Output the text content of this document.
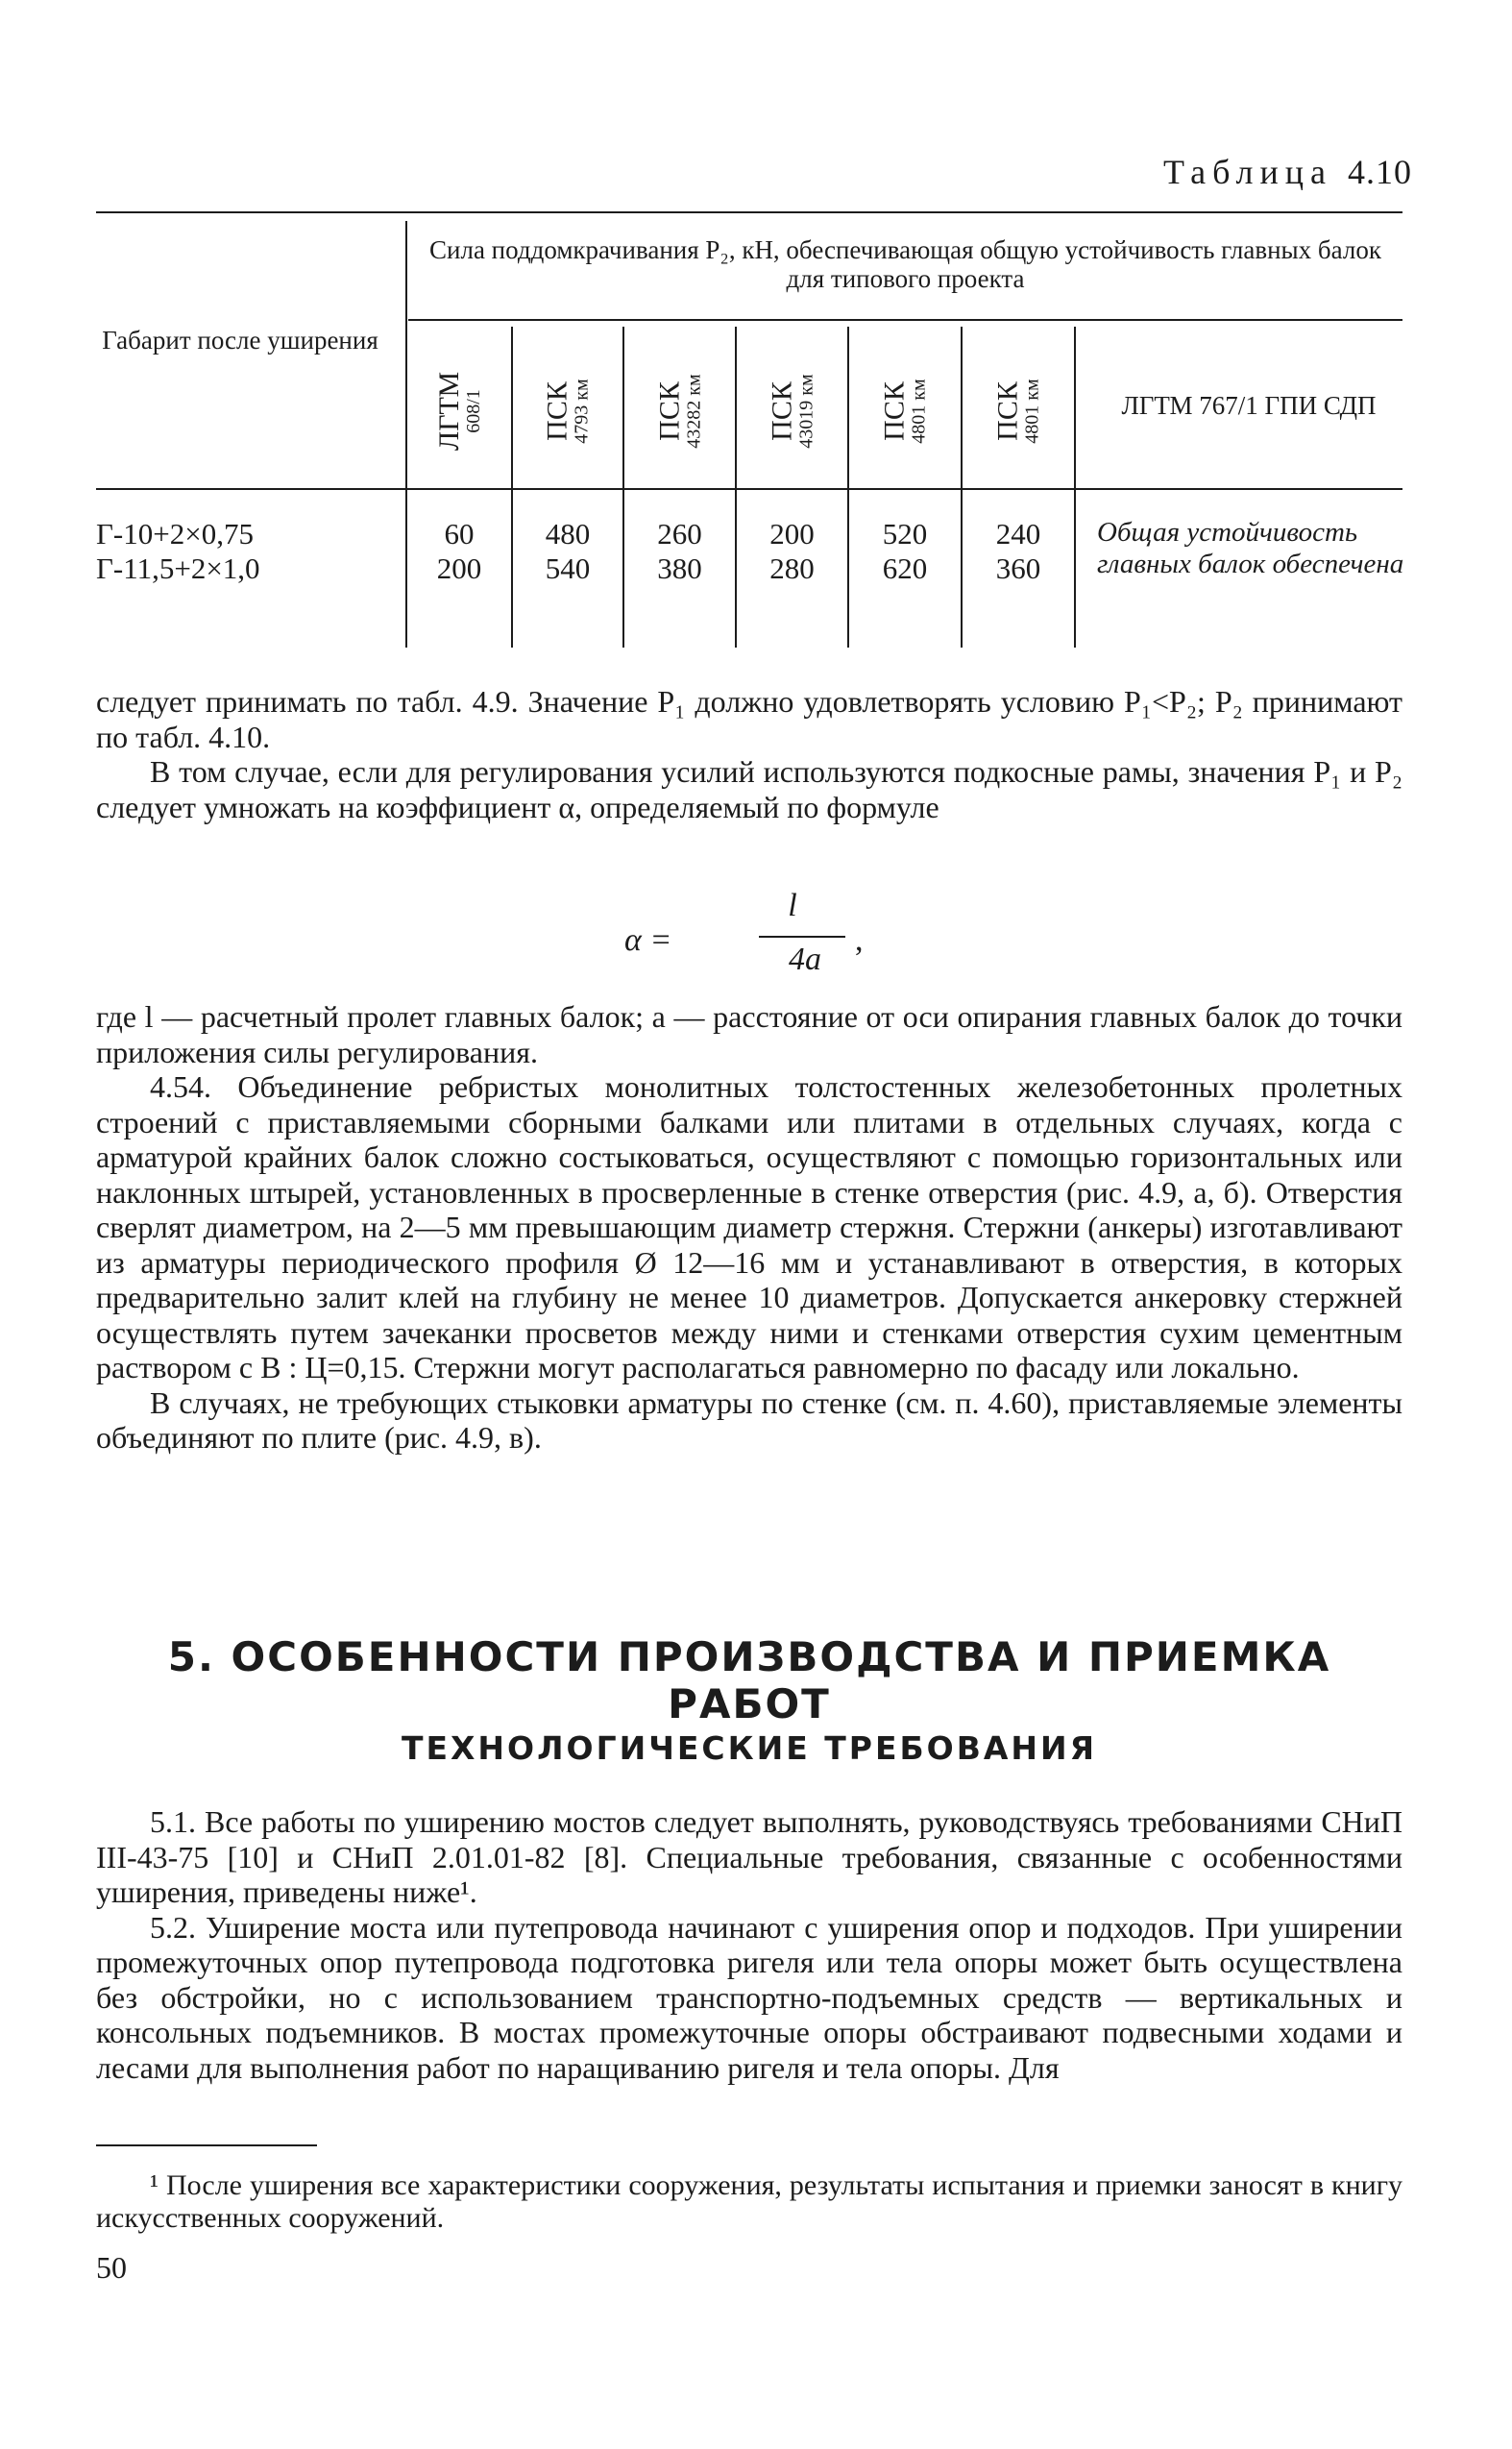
Таблица 4.10
Сила поддомкрачивания P₂, кН, обеспечивающая общую устойчивость главных балок для типового проекта
Габарит после уширения
ЛГТМ
608/1 ПСК
4793 км ПСК
43282 км ПСК
43019 км ПСК
4801 км ПСК
4801 км	ЛГТМ 767/1 ГПИ СДП
Г-10+2×0,75
Г-11,5+2×1,0
60
200
480
540
260
380
200
280
520
620
240
360
Общая устойчивость главных балок обеспечена

следует принимать по табл. 4.9. Значение P₁ должно удовлетворять условию P₁<P₂; P₂ принимают по табл. 4.10.

В том случае, если для регулирования усилий используются подкосные рамы, значения P₁ и P₂ следует умножать на коэффициент α, определяемый по формуле

α =
l
4a
,

где l — расчетный пролет главных балок; a — расстояние от оси опирания главных балок до точки приложения силы регулирования.

4.54. Объединение ребристых монолитных толстостенных железобетонных пролетных строений с приставляемыми сборными балками или плитами в отдельных случаях, когда с арматурой крайних балок сложно состыковаться, осуществляют с помощью горизонтальных или наклонных штырей, установленных в просверленные в стенке отверстия (рис. 4.9, а, б). Отверстия сверлят диаметром, на 2—5 мм превышающим диаметр стержня. Стержни (анкеры) изготавливают из арматуры периодического профиля Ø 12—16 мм и устанавливают в отверстия, в которых предварительно залит клей на глубину не менее 10 диаметров. Допускается анкеровку стержней осуществлять путем зачеканки просветов между ними и стенками отверстия сухим цементным раствором с В : Ц=0,15. Стержни могут располагаться равномерно по фасаду или локально.

В случаях, не требующих стыковки арматуры по стенке (см. п. 4.60), приставляемые элементы объединяют по плите (рис. 4.9, в).

5. ОСОБЕННОСТИ ПРОИЗВОДСТВА И ПРИЕМКА РАБОТ
ТЕХНОЛОГИЧЕСКИЕ ТРЕБОВАНИЯ

5.1. Все работы по уширению мостов следует выполнять, руководствуясь требованиями СНиП III-43-75 [10] и СНиП 2.01.01-82 [8]. Специальные требования, связанные с особенностями уширения, приведены ниже¹.

5.2. Уширение моста или путепровода начинают с уширения опор и подходов. При уширении промежуточных опор путепровода подготовка ригеля или тела опоры может быть осуществлена без обстройки, но с использованием транспортно-подъемных средств — вертикальных и консольных подъемников. В мостах промежуточные опоры обстраивают подвесными ходами и лесами для выполнения работ по наращиванию ригеля и тела опоры. Для

¹ После уширения все характеристики сооружения, результаты испытания и приемки заносят в книгу искусственных сооружений.

50
